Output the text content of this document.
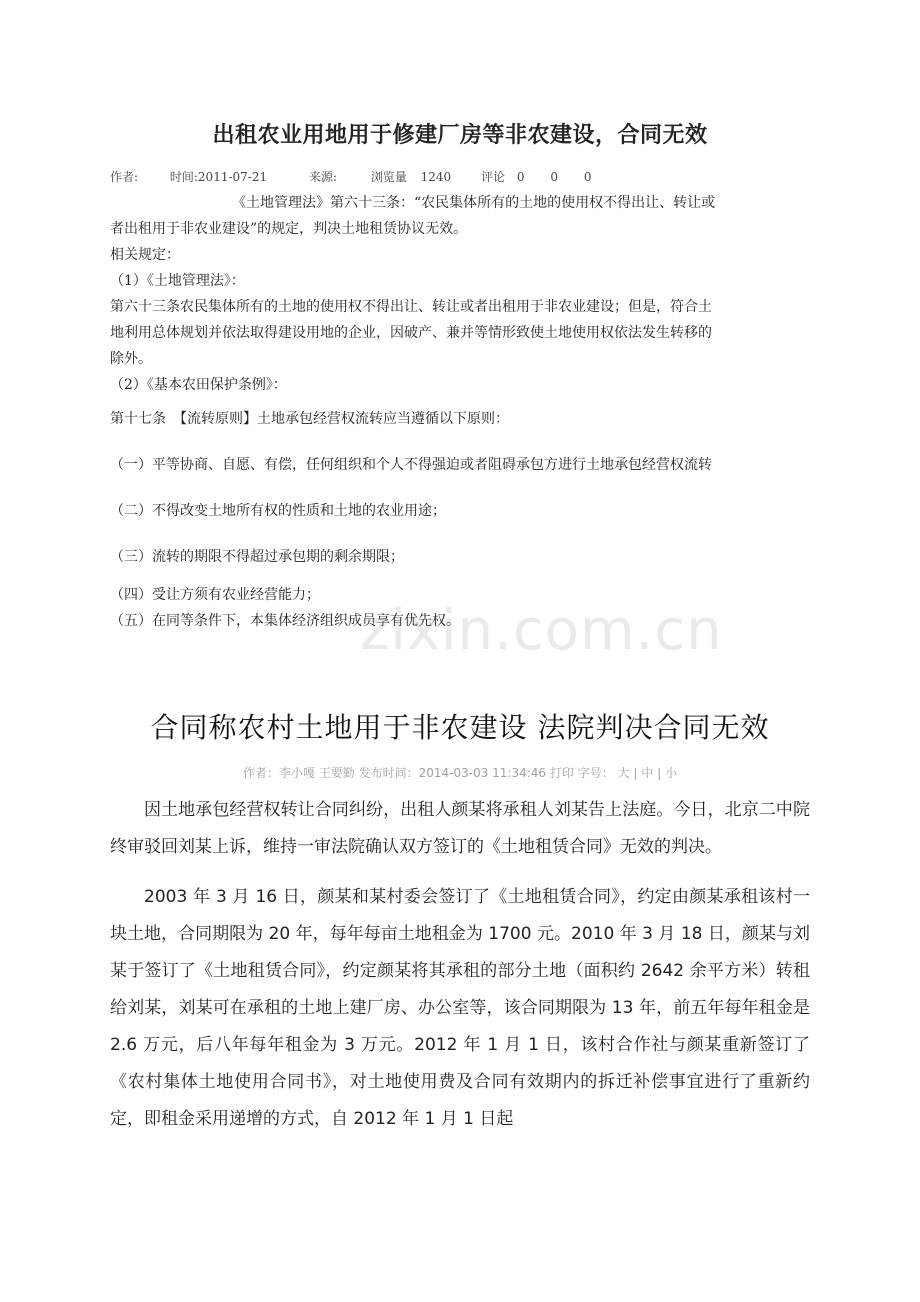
出租农业用地用于修建厂房等非农建设，合同无效
作者:	时间:2011-07-21	来源:	浏览量 1240 评论 0 0 0

《土地管理法》第六十三条：“农民集体所有的土地的使用权不得出让、转让或

者出租用于非农业建设”的规定，判决土地租赁协议无效。

相关规定：

（1）《土地管理法》：

第六十三条农民集体所有的土地的使用权不得出让、转让或者出租用于非农业建设；但是，符合土

地利用总体规划并依法取得建设用地的企业，因破产、兼并等情形致使土地使用权依法发生转移的

除外。

（2）《基本农田保护条例》：

第十七条　【流转原则】土地承包经营权流转应当遵循以下原则：

（一）平等协商、自愿、有偿，任何组织和个人不得强迫或者阻碍承包方进行土地承包经营权流转

（二）不得改变土地所有权的性质和土地的农业用途；

（三）流转的期限不得超过承包期的剩余期限；

（四）受让方须有农业经营能力；

（五）在同等条件下，本集体经济组织成员享有优先权。

zixin.com.cn
合同称农村土地用于非农建设 法院判决合同无效
作者：李小嘎 王要勤 发布时间：2014-03-03 11:34:46 打印 字号： 大 | 中 | 小

因土地承包经营权转让合同纠纷，出租人颜某将承租人刘某告上法庭。今日，北京二中院终审驳回刘某上诉，维持一审法院确认双方签订的《土地租赁合同》无效的判决。

2003 年 3 月 16 日，颜某和某村委会签订了《土地租赁合同》，约定由颜某承租该村一块土地，合同期限为 20 年，每年每亩土地租金为 1700 元。2010 年 3 月 18 日，颜某与刘某于签订了《土地租赁合同》，约定颜某将其承租的部分土地（面积约 2642 余平方米）转租给刘某，刘某可在承租的土地上建厂房、办公室等，该合同期限为 13 年，前五年每年租金是 2.6 万元，后八年每年租金为 3 万元。2012 年 1 月 1 日，该村合作社与颜某重新签订了《农村集体土地使用合同书》，对土地使用费及合同有效期内的拆迁补偿事宜进行了重新约定，即租金采用递增的方式，自 2012 年 1 月 1 日起
